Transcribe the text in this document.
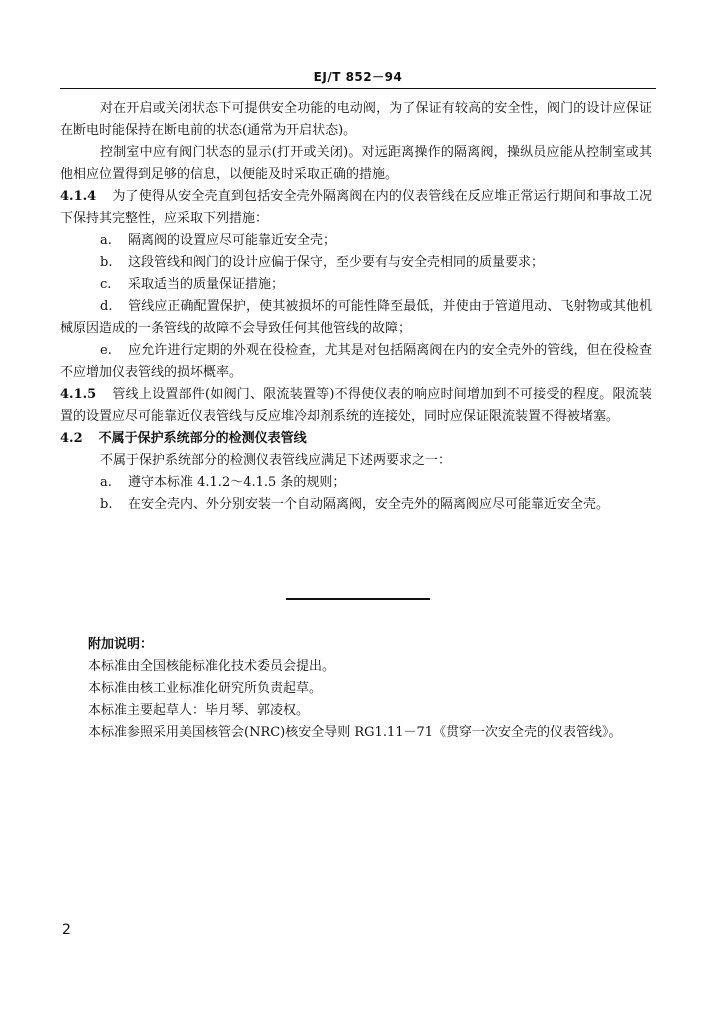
EJ/T 852－94

对在开启或关闭状态下可提供安全功能的电动阀，为了保证有较高的安全性，阀门的设计应保证在断电时能保持在断电前的状态(通常为开启状态)。

控制室中应有阀门状态的显示(打开或关闭)。对远距离操作的隔离阀，操纵员应能从控制室或其他相应位置得到足够的信息，以便能及时采取正确的措施。

4.1.4 为了使得从安全壳直到包括安全壳外隔离阀在内的仪表管线在反应堆正常运行期间和事故工况下保持其完整性，应采取下列措施：

a. 隔离阀的设置应尽可能靠近安全壳；

b. 这段管线和阀门的设计应偏于保守，至少要有与安全壳相同的质量要求；

c. 采取适当的质量保证措施；

d. 管线应正确配置保护，使其被损坏的可能性降至最低，并使由于管道甩动、飞射物或其他机械原因造成的一条管线的故障不会导致任何其他管线的故障；

e. 应允许进行定期的外观在役检查，尤其是对包括隔离阀在内的安全壳外的管线，但在役检查不应增加仪表管线的损坏概率。

4.1.5 管线上设置部件(如阀门、限流装置等)不得使仪表的响应时间增加到不可接受的程度。限流装置的设置应尽可能靠近仪表管线与反应堆冷却剂系统的连接处，同时应保证限流装置不得被堵塞。

4.2 不属于保护系统部分的检测仪表管线

不属于保护系统部分的检测仪表管线应满足下述两要求之一：

a. 遵守本标准 4.1.2～4.1.5 条的规则；

b. 在安全壳内、外分别安装一个自动隔离阀，安全壳外的隔离阀应尽可能靠近安全壳。

附加说明：

本标准由全国核能标准化技术委员会提出。

本标准由核工业标准化研究所负责起草。

本标准主要起草人：毕月琴、郭凌权。

本标准参照采用美国核管会(NRC)核安全导则 RG1.11－71《贯穿一次安全壳的仪表管线》。

2
